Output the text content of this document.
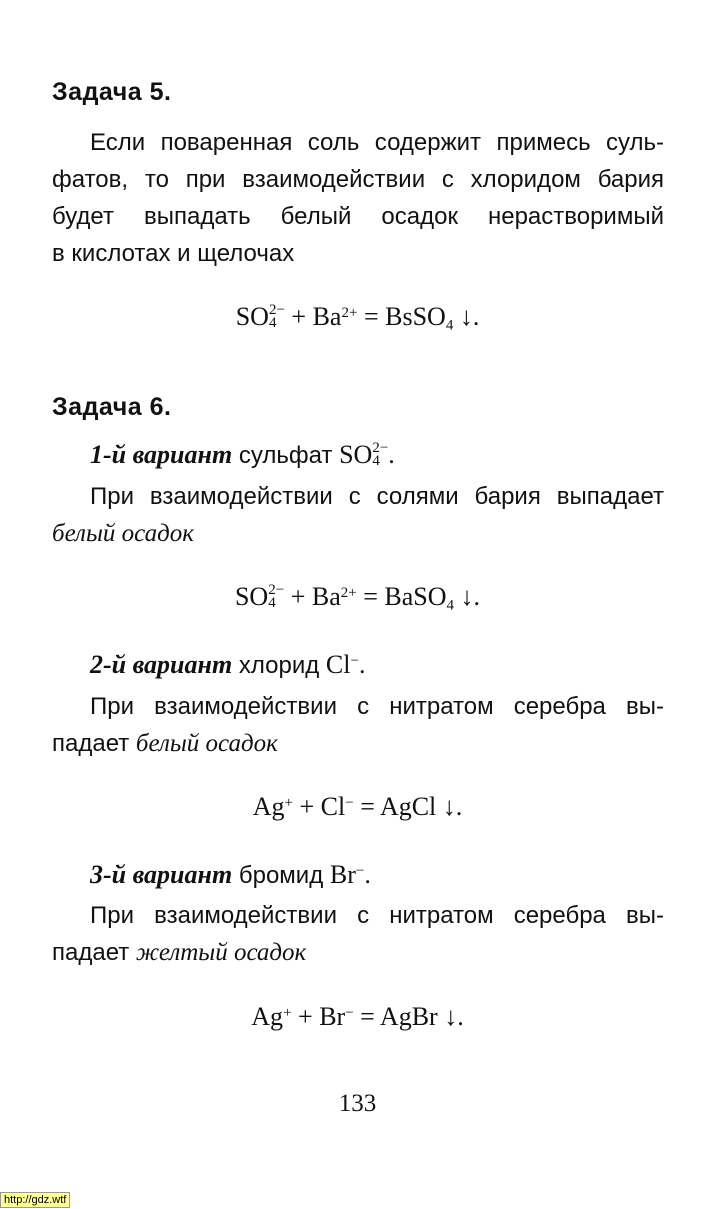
Задача 5.
Если поваренная соль содержит примесь суль-
фатов, то при взаимодействии с хлоридом бария
будет выпадать белый осадок нерастворимый
в кислотах и щелочах
SO 2−
$4 + Ba^{2+}$ = BsSO$_4$ ↓.
Задача 6.
1-й вариант сульфат SO 2−
4 .
При взаимодействии с солями бария выпадает
белый осадок
SO 2−
$4 + Ba^{2+}$ = BaSO$_4$ ↓.
2-й вариант хлорид Cl−.
При взаимодействии с нитратом серебра вы-
падает белый осадок
Ag+ + Cl− = AgCl ↓.
3-й вариант бромид Br−.
При взаимодействии с нитратом серебра вы-
падает желтый осадок
Ag+ + Br− = AgBr ↓.
133
http://gdz.wtf
